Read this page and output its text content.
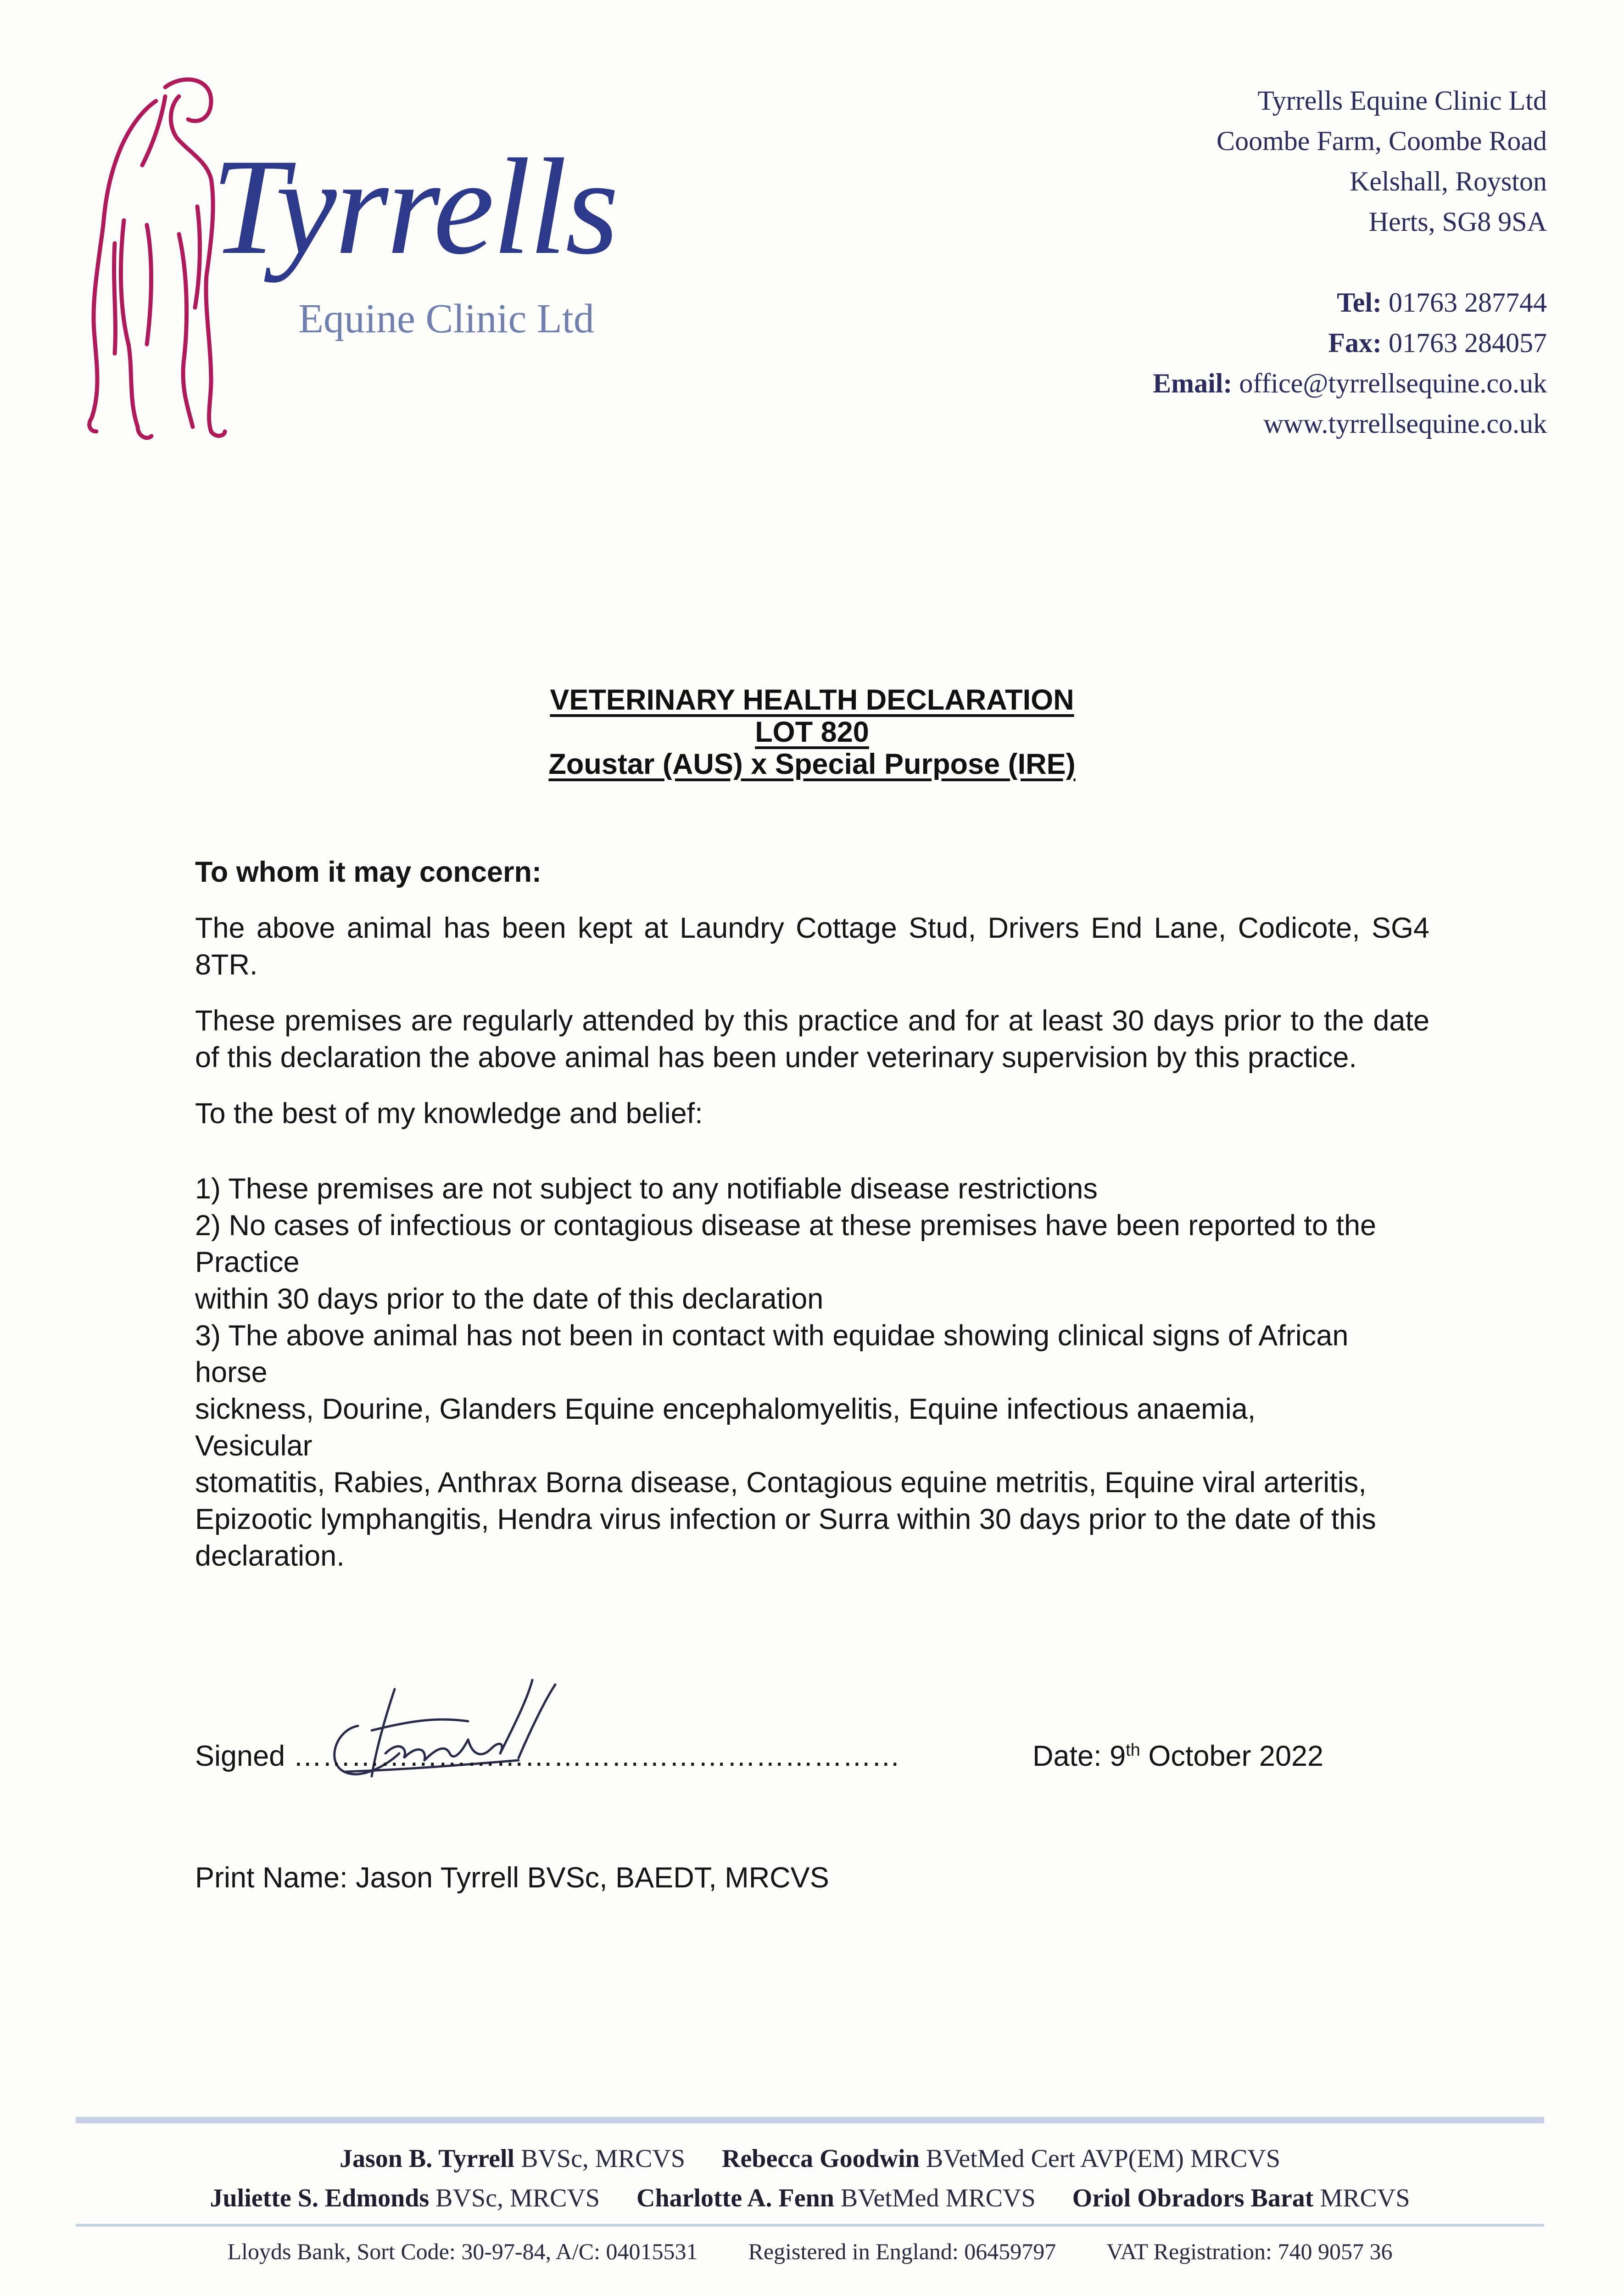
Tyrrells
Equine Clinic Ltd
Tyrrells Equine Clinic Ltd
Coombe Farm, Coombe Road
Kelshall, Royston
Herts, SG8 9SA
Tel: 01763 287744
Fax: 01763 284057
Email: office@tyrrellsequine.co.uk
www.tyrrellsequine.co.uk
VETERINARY HEALTH DECLARATION
LOT 820
Zoustar (AUS) x Special Purpose (IRE)
To whom it may concern:
The above animal has been kept at Laundry Cottage Stud, Drivers End Lane, Codicote, SG4 8TR.
These premises are regularly attended by this practice and for at least 30 days prior to the date of this declaration the above animal has been under veterinary supervision by this practice.
To the best of my knowledge and belief:
1) These premises are not subject to any notifiable disease restrictions
2) No cases of infectious or contagious disease at these premises have been reported to the
Practice
within 30 days prior to the date of this declaration
3) The above animal has not been in contact with equidae showing clinical signs of African
horse
sickness, Dourine, Glanders Equine encephalomyelitis, Equine infectious anaemia,
Vesicular
stomatitis, Rabies, Anthrax Borna disease, Contagious equine metritis, Equine viral arteritis,
Epizootic lymphangitis, Hendra virus infection or Surra within 30 days prior to the date of this
declaration.
Signed ………………………………………………………	Date: 9th October 2022
Print Name: Jason Tyrrell BVSc, BAEDT, MRCVS
Jason B. Tyrrell BVSc, MRCVS Rebecca Goodwin BVetMed Cert AVP(EM) MRCVS
Juliette S. Edmonds BVSc, MRCVS Charlotte A. Fenn BVetMed MRCVS Oriol Obradors Barat MRCVS
Lloyds Bank, Sort Code: 30-97-84, A/C: 04015531 Registered in England: 06459797 VAT Registration: 740 9057 36
